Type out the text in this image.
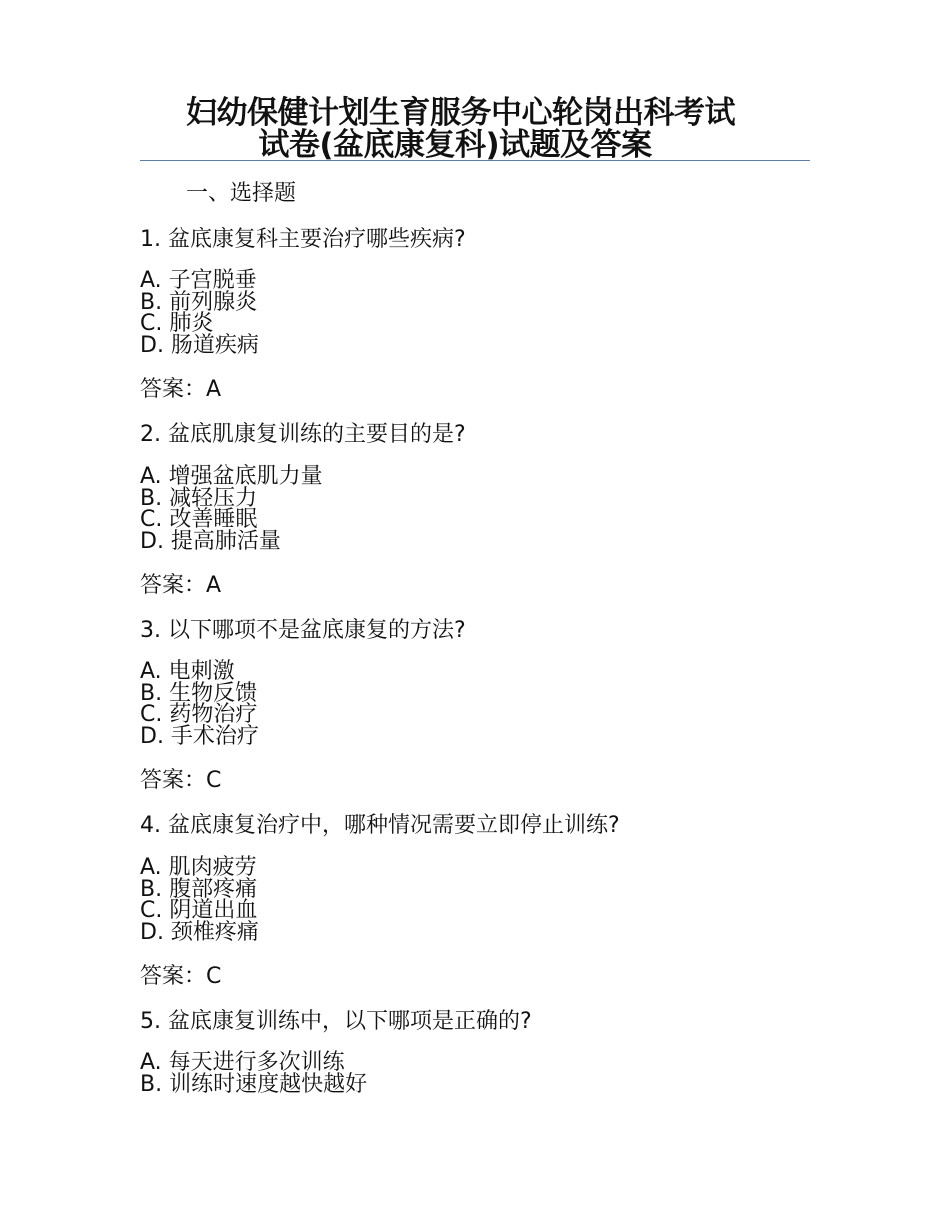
妇幼保健计划生育服务中心轮岗出科考试
试卷(盆底康复科)试题及答案
一、选择题
1. 盆底康复科主要治疗哪些疾病?
A. 子宫脱垂
B. 前列腺炎
C. 肺炎
D. 肠道疾病
答案：A
2. 盆底肌康复训练的主要目的是?
A. 增强盆底肌力量
B. 减轻压力
C. 改善睡眠
D. 提高肺活量
答案：A
3. 以下哪项不是盆底康复的方法?
A. 电刺激
B. 生物反馈
C. 药物治疗
D. 手术治疗
答案：C
4. 盆底康复治疗中，哪种情况需要立即停止训练?
A. 肌肉疲劳
B. 腹部疼痛
C. 阴道出血
D. 颈椎疼痛
答案：C
5. 盆底康复训练中，以下哪项是正确的?
A. 每天进行多次训练
B. 训练时速度越快越好
